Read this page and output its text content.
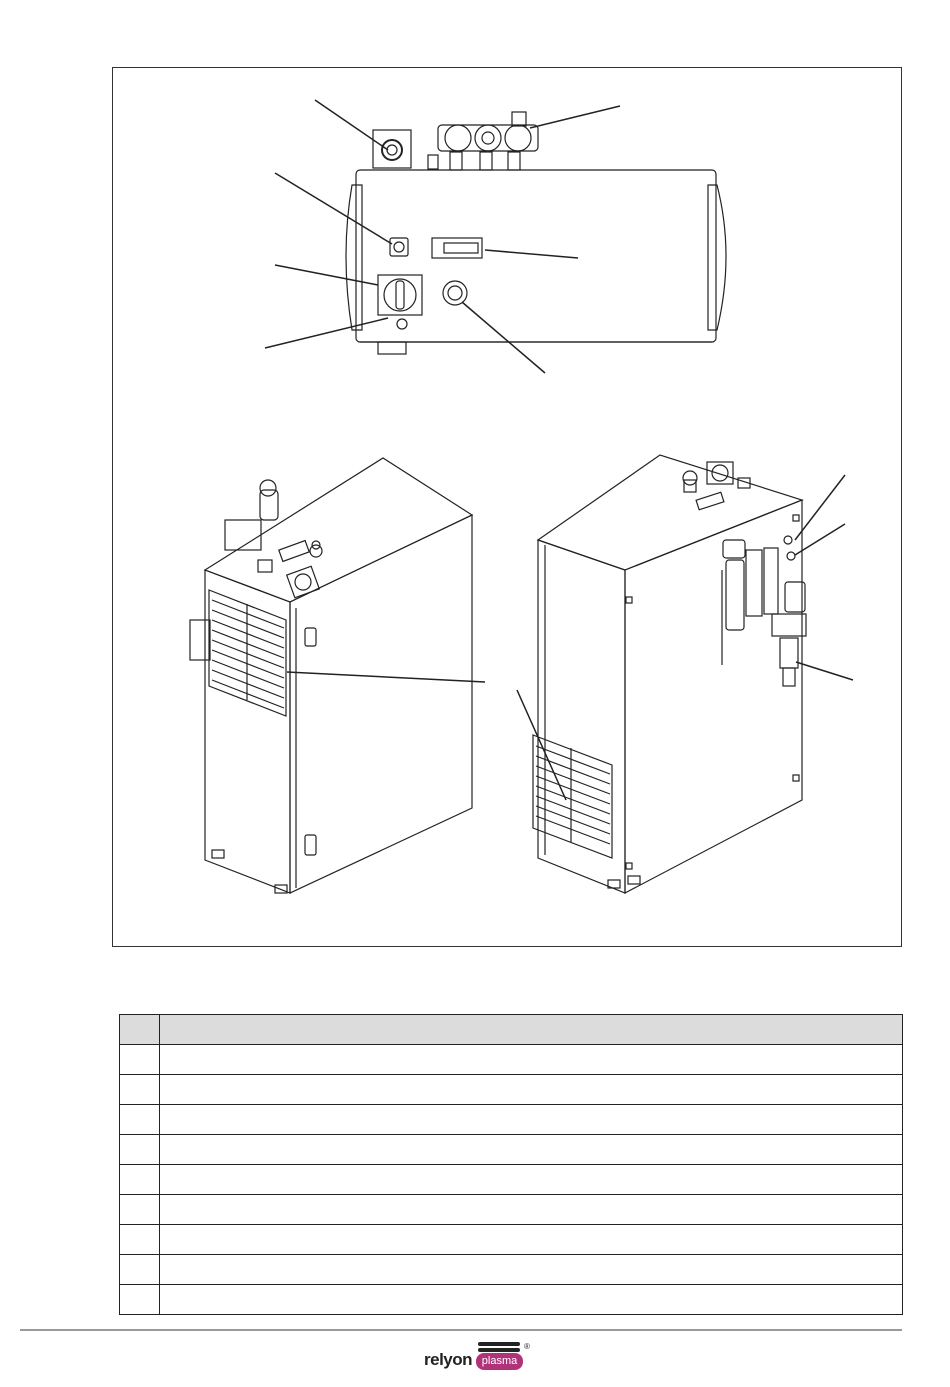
relyon plasma
®
